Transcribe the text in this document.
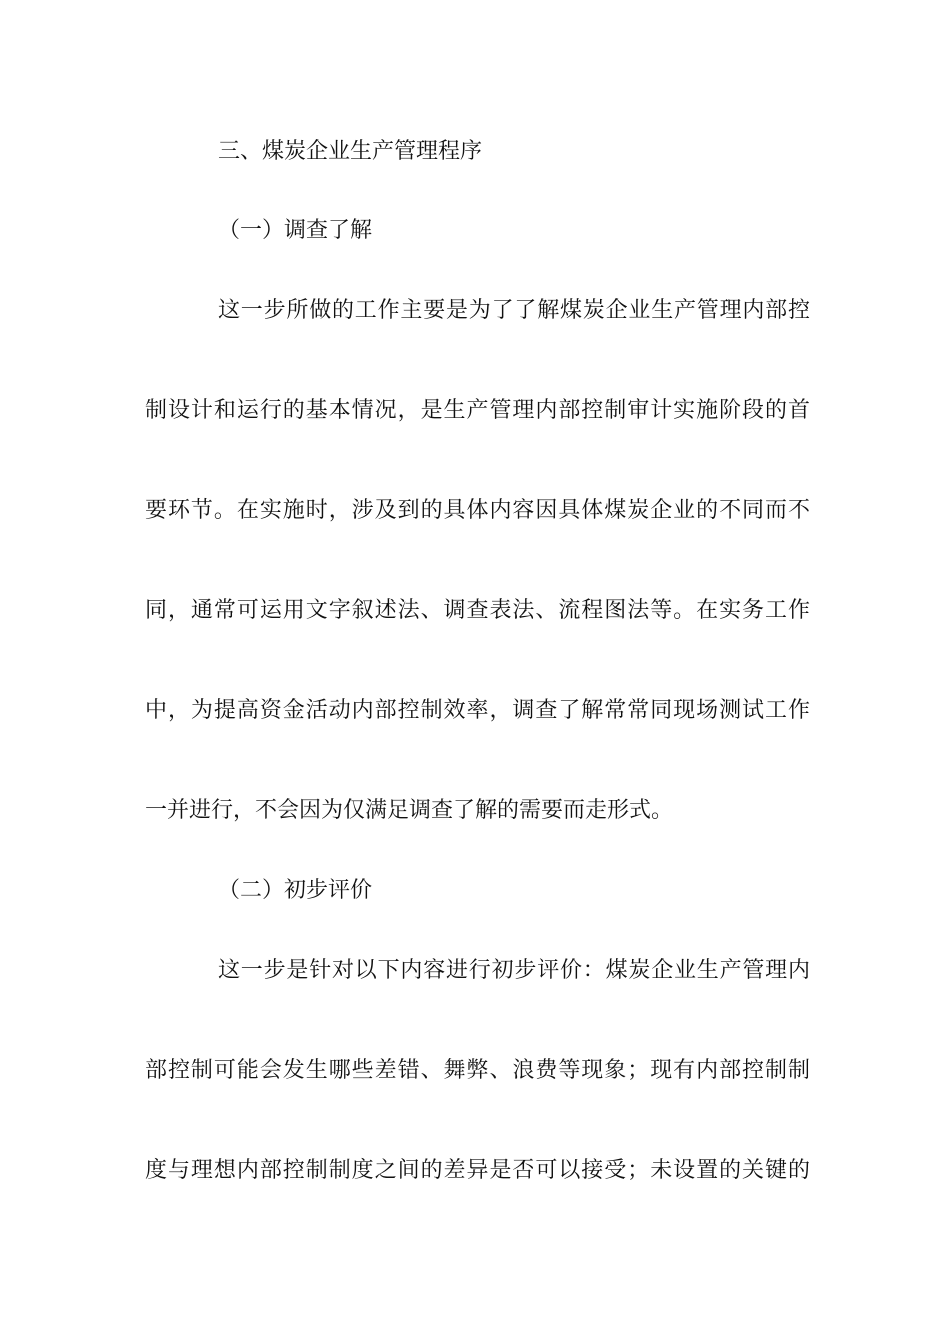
三、煤炭企业生产管理程序
（一）调查了解
这一步所做的工作主要是为了了解煤炭企业生产管理内部控
制设计和运行的基本情况，是生产管理内部控制审计实施阶段的首
要环节。在实施时，涉及到的具体内容因具体煤炭企业的不同而不
同，通常可运用文字叙述法、调查表法、流程图法等。在实务工作
中，为提高资金活动内部控制效率，调查了解常常同现场测试工作
一并进行，不会因为仅满足调查了解的需要而走形式。
（二）初步评价
这一步是针对以下内容进行初步评价：煤炭企业生产管理内
部控制可能会发生哪些差错、舞弊、浪费等现象；现有内部控制制
度与理想内部控制制度之间的差异是否可以接受；未设置的关键的
